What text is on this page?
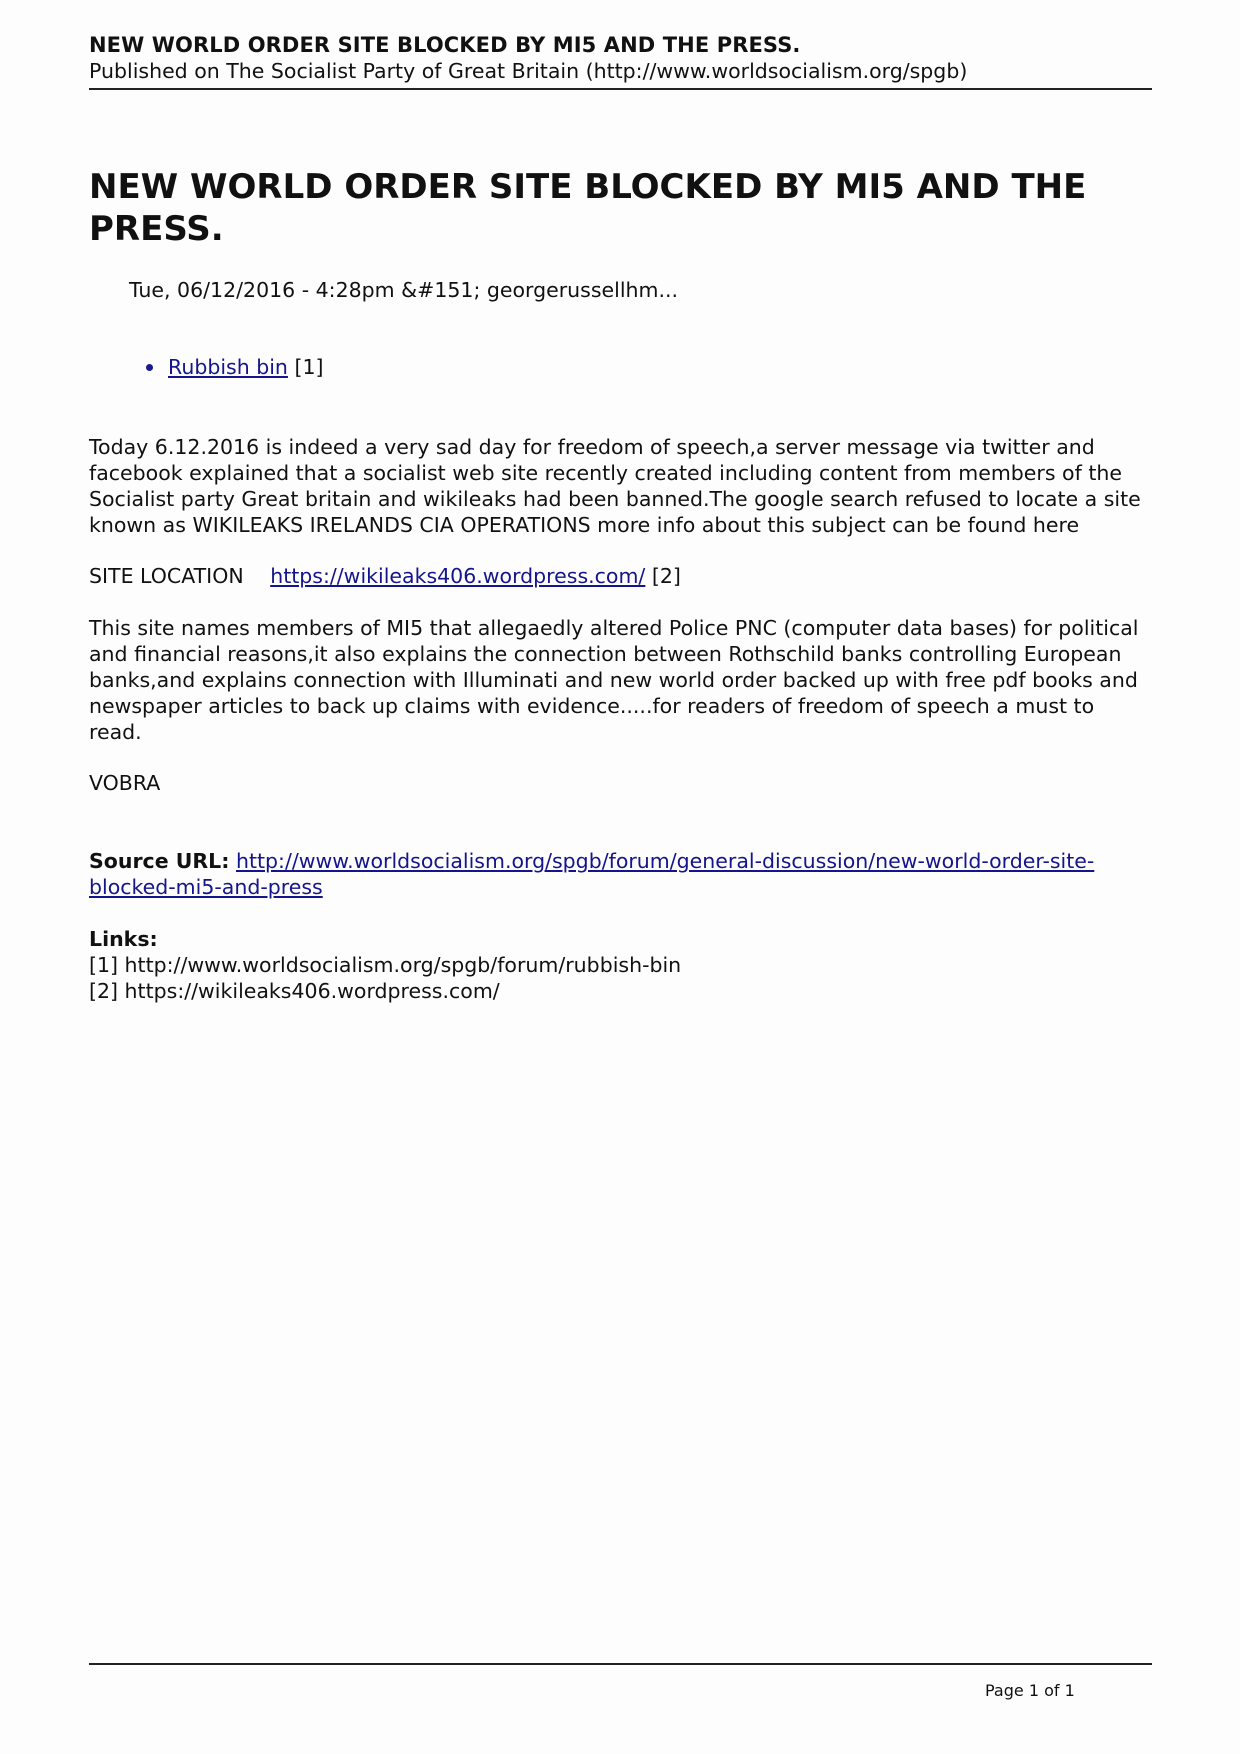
NEW WORLD ORDER SITE BLOCKED BY MI5 AND THE PRESS.
Published on The Socialist Party of Great Britain (http://www.worldsocialism.org/spgb)
NEW WORLD ORDER SITE BLOCKED BY MI5 AND THE PRESS.
Tue, 06/12/2016 - 4:28pm &#151; georgerussellhm...
Rubbish bin [1]

Today 6.12.2016 is indeed a very sad day for freedom of speech,a server message via twitter and facebook explained that a socialist web site recently created including content from members of the Socialist party Great britain and wikileaks had been banned.The google search refused to locate a site known as WIKILEAKS IRELANDS CIA OPERATIONS more info about this subject can be found here

SITE LOCATION https://wikileaks406.wordpress.com/ [2]

This site names members of MI5 that allegaedly altered Police PNC (computer data bases) for political and financial reasons,it also explains the connection between Rothschild banks controlling European banks,and explains connection with Illuminati and new world order backed up with free pdf books and newspaper articles to back up claims with evidence.....for readers of freedom of speech a must to read.

VOBRA

Source URL: http://www.worldsocialism.org/spgb/forum/general-discussion/new-world-order-site-blocked-mi5-and-press

Links:
[1] http://www.worldsocialism.org/spgb/forum/rubbish-bin
[2] https://wikileaks406.wordpress.com/
Page 1 of 1
